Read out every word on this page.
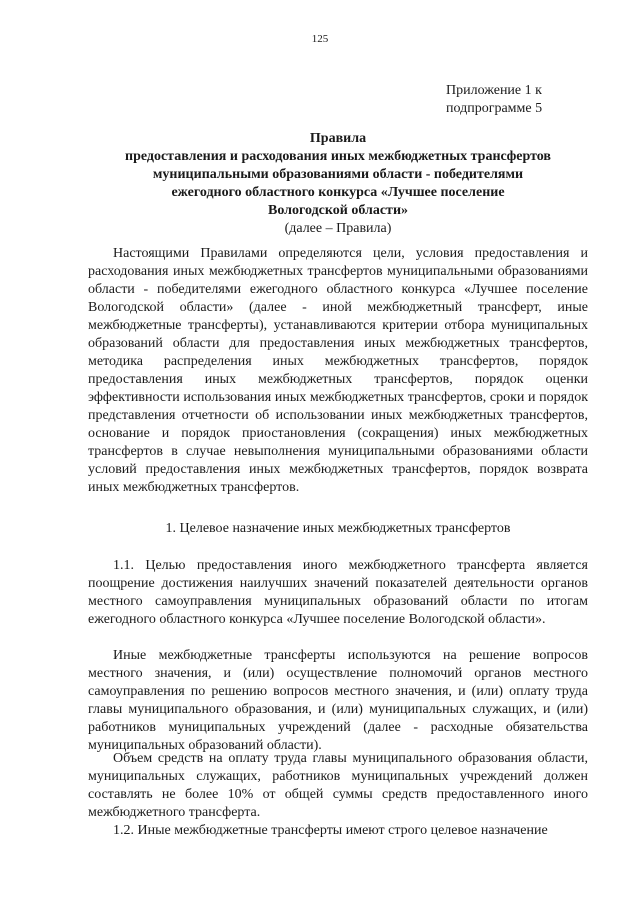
125
Приложение 1 к
подпрограмме 5
Правила
предоставления и расходования иных межбюджетных трансфертов
муниципальными образованиями области - победителями
ежегодного областного конкурса «Лучшее поселение
Вологодской области»
(далее – Правила)

Настоящими Правилами определяются цели, условия предоставления и расходования иных межбюджетных трансфертов муниципальными образованиями области - победителями ежегодного областного конкурса «Лучшее поселение Вологодской области» (далее - иной межбюджетный трансферт, иные межбюджетные трансферты), устанавливаются критерии отбора муниципальных образований области для предоставления иных межбюджетных трансфертов, методика распределения иных межбюджетных трансфертов, порядок предоставления иных межбюджетных трансфертов, порядок оценки эффективности использования иных межбюджетных трансфертов, сроки и порядок представления отчетности об использовании иных межбюджетных трансфертов, основание и порядок приостановления (сокращения) иных межбюджетных трансфертов в случае невыполнения муниципальными образованиями области условий предоставления иных межбюджетных трансфертов, порядок возврата иных межбюджетных трансфертов.

1. Целевое назначение иных межбюджетных трансфертов

1.1. Целью предоставления иного межбюджетного трансферта является поощрение достижения наилучших значений показателей деятельности органов местного самоуправления муниципальных образований области по итогам ежегодного областного конкурса «Лучшее поселение Вологодской области».

Иные межбюджетные трансферты используются на решение вопросов местного значения, и (или) осуществление полномочий органов местного самоуправления по решению вопросов местного значения, и (или) оплату труда главы муниципального образования, и (или) муниципальных служащих, и (или) работников муниципальных учреждений (далее - расходные обязательства муниципальных образований области).

Объем средств на оплату труда главы муниципального образования области, муниципальных служащих, работников муниципальных учреждений должен составлять не более 10% от общей суммы средств предоставленного иного межбюджетного трансферта.

1.2. Иные межбюджетные трансферты имеют строго целевое назначение
